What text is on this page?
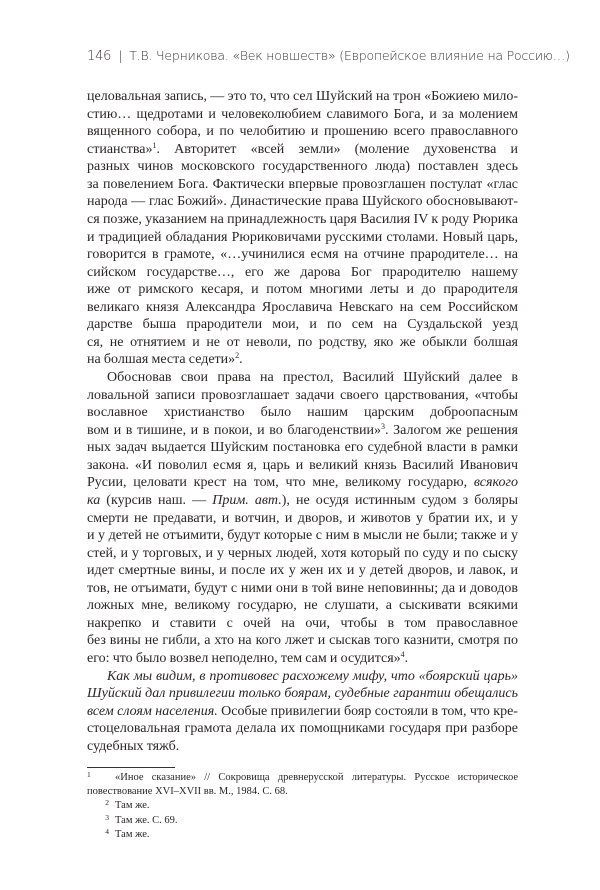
146 | Т.В. Черникова. «Век новшеств» (Европейское влияние на Россию…)
целовальная запись, — это то, что сел Шуйский на трон «Божиею мило-
стию… щедротами и человеколюбием славимого Бога, и за молением
вященного собора, и по челобитию и прошению всего православного
стианства»$^1$. Авторитет «всей земли» (моление духовенства и
разных чинов московского государственного люда) поставлен здесь
за повелением Бога. Фактически впервые провозглашен постулат «глас
народа — глас Божий». Династические права Шуйского обосновывают-
ся позже, указанием на принадлежность царя Василия IV к роду Рюрика
и традицией обладания Рюриковичами русскими столами. Новый царь,
говорится в грамоте, «…учинилися есмя на отчине прародителе… на
сийском государстве…, его же дарова Бог прародителю нашему
иже от римского кесаря, и потом многими леты и до прародителя
великаго князя Александра Ярославича Невскаго на сем Российском
дарстве быша прародители мои, и по сем на Суздальской уезд
ся, не отнятием и не от неволи, по родству, яко же обыкли болшая
на болшая места седети»$^2$.
Обосновав свои права на престол, Василий Шуйский далее в
ловальной записи провозглашает задачи своего царствования, «чтобы
вославное христианство было нашим царским доброопасным
вом и в тишине, и в покои, и во благоденствии»$^3$. Залогом же решения
ных задач выдается Шуйским постановка его судебной власти в рамки
закона. «И поволил есмя я, царь и великий князь Василий Иванович
Русии, целовати крест на том, что мне, великому государю, всякого
ка (курсив наш. — Прим. авт.), не осудя истинным судом з боляры
смерти не предавати, и вотчин, и дворов, и животов у братии их, и у
и у детей не отъимити, будут которые с ним в мысли не были; также и у
стей, и у торговых, и у черных людей, хотя который по суду и по сыску
идет смертные вины, и после их у жен их и у детей дворов, и лавок, и
тов, не отъимати, будут с ними они в той вине неповинны; да и доводов
ложных мне, великому государю, не слушати, а сыскивати всякими
накрепко и ставити с очей на очи, чтобы в том православное
без вины не гибли, а хто на кого лжет и сыскав того казнити, смотря по
его: что было возвел неподелно, тем сам и осудится»$^4$.
Как мы видим, в противовес расхожему мифу, что «боярский царь»
Шуйский дал привилегии только боярам, судебные гарантии обещались
всем слоям населения. Особые привилегии бояр состояли в том, что кре-
стоцеловальная грамота делала их помощниками государя при разборе
судебных тяжб.
1 «Иное сказание» // Сокровища древнерусской литературы. Русское историческое
повествование XVI–XVII вв. М., 1984. С. 68.
2 Там же.
3 Там же. С. 69.
4 Там же.
